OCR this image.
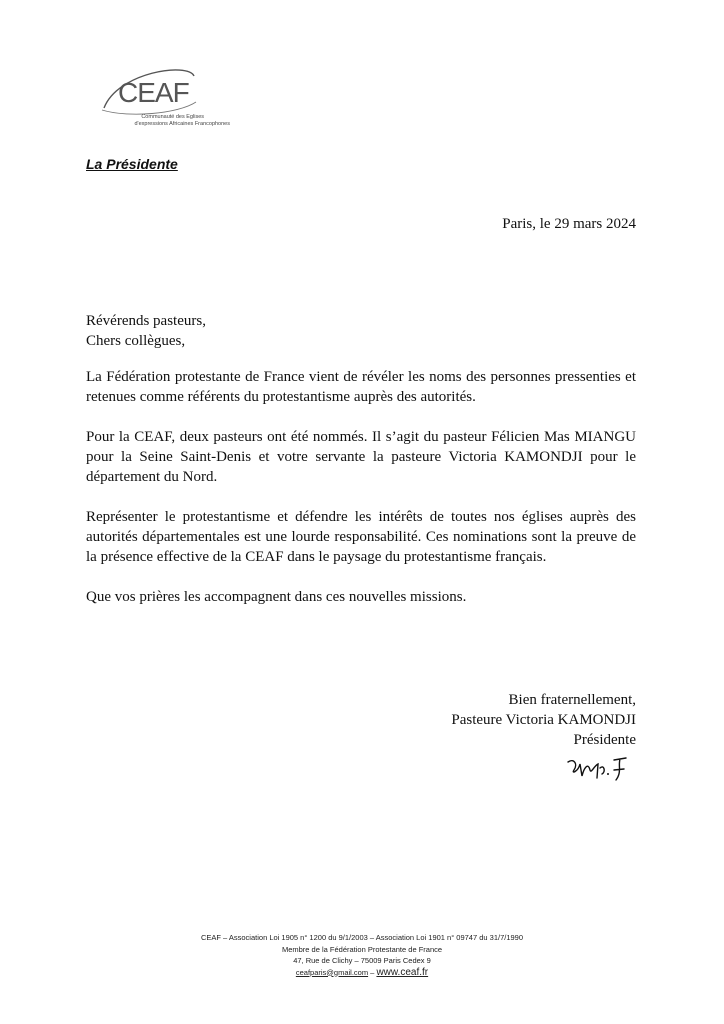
CEAF
Communauté des Eglises
d'expressions Africaines Francophones
La Présidente
Paris, le 29 mars 2024

Révérends pasteurs,
Chers collègues,

La Fédération protestante de France vient de révéler les noms des personnes pressenties et retenues comme référents du protestantisme auprès des autorités.

Pour la CEAF, deux pasteurs ont été nommés. Il s’agit du pasteur Félicien Mas MIANGU pour la Seine Saint-Denis et votre servante la pasteure Victoria KAMONDJI pour le département du Nord.

Représenter le protestantisme et défendre les intérêts de toutes nos églises auprès des autorités départementales est une lourde responsabilité. Ces nominations sont la preuve de la présence effective de la CEAF dans le paysage du protestantisme français.

Que vos prières les accompagnent dans ces nouvelles missions.

Bien fraternellement,
Pasteure Victoria KAMONDJI
Présidente
CEAF – Association Loi 1905 n° 1200 du 9/1/2003 – Association Loi 1901 n° 09747 du 31/7/1990
Membre de la Fédération Protestante de France
47, Rue de Clichy – 75009 Paris Cedex 9
ceafparis@gmail.com – www.ceaf.fr
